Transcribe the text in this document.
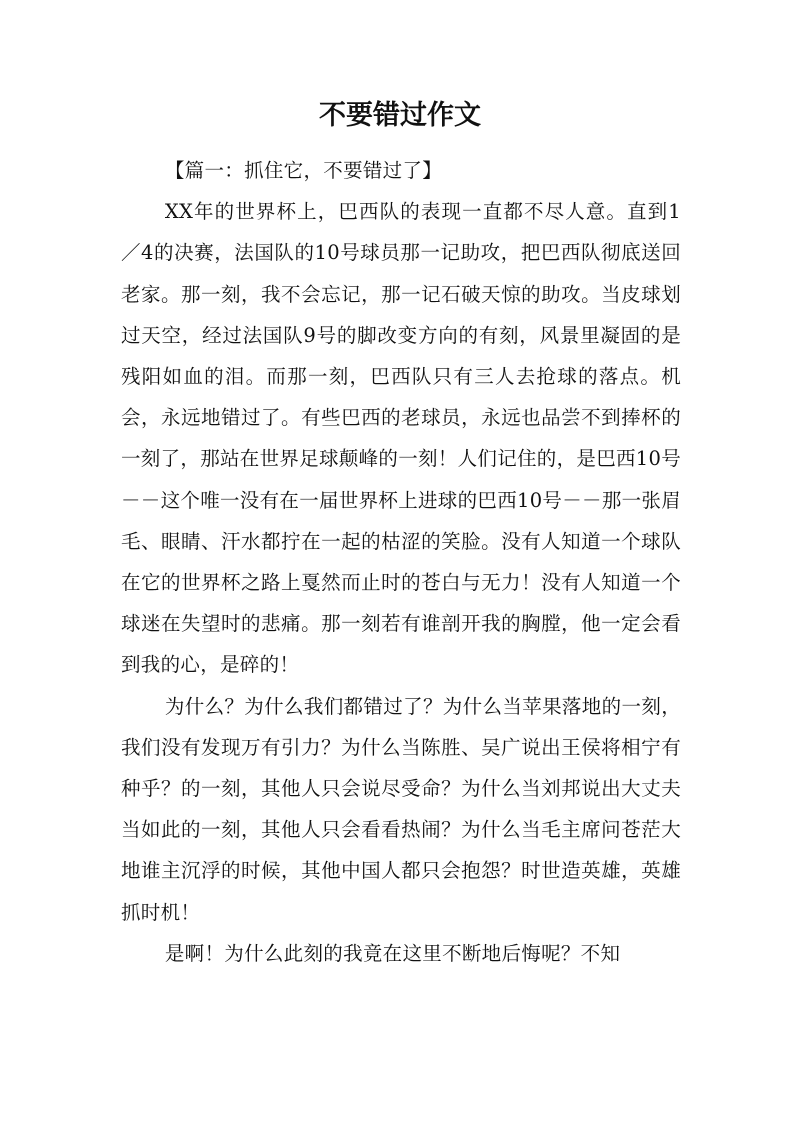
不要错过作文

【篇一：抓住它，不要错过了】

XX年的世界杯上，巴西队的表现一直都不尽人意。直到1／4的决赛，法国队的10号球员那一记助攻，把巴西队彻底送回老家。那一刻，我不会忘记，那一记石破天惊的助攻。当皮球划过天空，经过法国队9号的脚改变方向的有刻，风景里凝固的是残阳如血的泪。而那一刻，巴西队只有三人去抢球的落点。机会，永远地错过了。有些巴西的老球员，永远也品尝不到捧杯的一刻了，那站在世界足球颠峰的一刻！人们记住的，是巴西10号－－这个唯一没有在一届世界杯上进球的巴西10号－－那一张眉毛、眼睛、汗水都拧在一起的枯涩的笑脸。没有人知道一个球队在它的世界杯之路上戛然而止时的苍白与无力！没有人知道一个球迷在失望时的悲痛。那一刻若有谁剖开我的胸膛，他一定会看到我的心，是碎的！

为什么？为什么我们都错过了？为什么当苹果落地的一刻，我们没有发现万有引力？为什么当陈胜、吴广说出王侯将相宁有种乎？的一刻，其他人只会说尽受命？为什么当刘邦说出大丈夫当如此的一刻，其他人只会看看热闹？为什么当毛主席问苍茫大地谁主沉浮的时候，其他中国人都只会抱怨？时世造英雄，英雄抓时机！

是啊！为什么此刻的我竟在这里不断地后悔呢？不知
